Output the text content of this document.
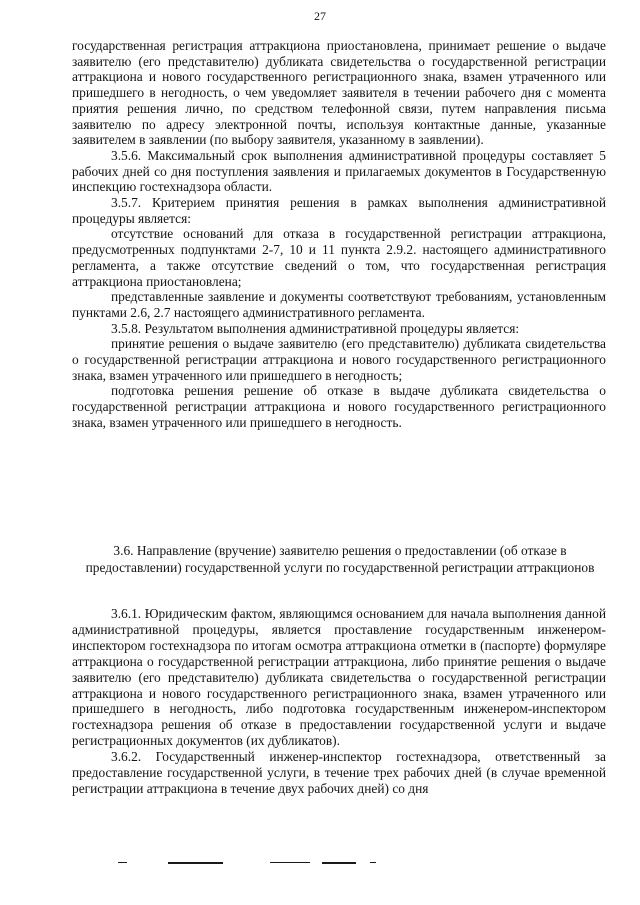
27

государственная регистрация аттракциона приостановлена, принимает решение о выдаче заявителю (его представителю) дубликата свидетельства о государственной регистрации аттракциона и нового государственного регистрационного знака, взамен утраченного или пришедшего в негодность, о чем уведомляет заявителя в течении рабочего дня с момента приятия решения лично, по средством телефонной связи, путем направления письма заявителю по адресу электронной почты, используя контактные данные, указанные заявителем в заявлении (по выбору заявителя, указанному в заявлении).

3.5.6. Максимальный срок выполнения административной процедуры составляет 5 рабочих дней со дня поступления заявления и прилагаемых документов в Государственную инспекцию гостехнадзора области.

3.5.7. Критерием принятия решения в рамках выполнения административной процедуры является:

отсутствие оснований для отказа в государственной регистрации аттракциона, предусмотренных подпунктами 2-7, 10 и 11 пункта 2.9.2. настоящего административного регламента, а также отсутствие сведений о том, что государственная регистрация аттракциона приостановлена;

представленные заявление и документы соответствуют требованиям, установленным пунктами 2.6, 2.7 настоящего административного регламента.

3.5.8. Результатом выполнения административной процедуры является:

принятие решения о выдаче заявителю (его представителю) дубликата свидетельства о государственной регистрации аттракциона и нового государственного регистрационного знака, взамен утраченного или пришедшего в негодность;

подготовка решения решение об отказе в выдаче дубликата свидетельства о государственной регистрации аттракциона и нового государственного регистрационного знака, взамен утраченного или пришедшего в негодность.

3.6. Направление (вручение) заявителю решения о предоставлении (об отказе в предоставлении) государственной услуги по государственной регистрации аттракционов

3.6.1. Юридическим фактом, являющимся основанием для начала выполнения данной административной процедуры, является проставление государственным инженером-инспектором гостехнадзора по итогам осмотра аттракциона отметки в (паспорте) формуляре аттракциона о государственной регистрации аттракциона, либо принятие решения о выдаче заявителю (его представителю) дубликата свидетельства о государственной регистрации аттракциона и нового государственного регистрационного знака, взамен утраченного или пришедшего в негодность, либо подготовка государственным инженером-инспектором гостехнадзора решения об отказе в предоставлении государственной услуги и выдаче регистрационных документов (их дубликатов).

3.6.2. Государственный инженер-инспектор гостехнадзора, ответственный за предоставление государственной услуги, в течение трех рабочих дней (в случае временной регистрации аттракциона в течение двух рабочих дней) со дня
